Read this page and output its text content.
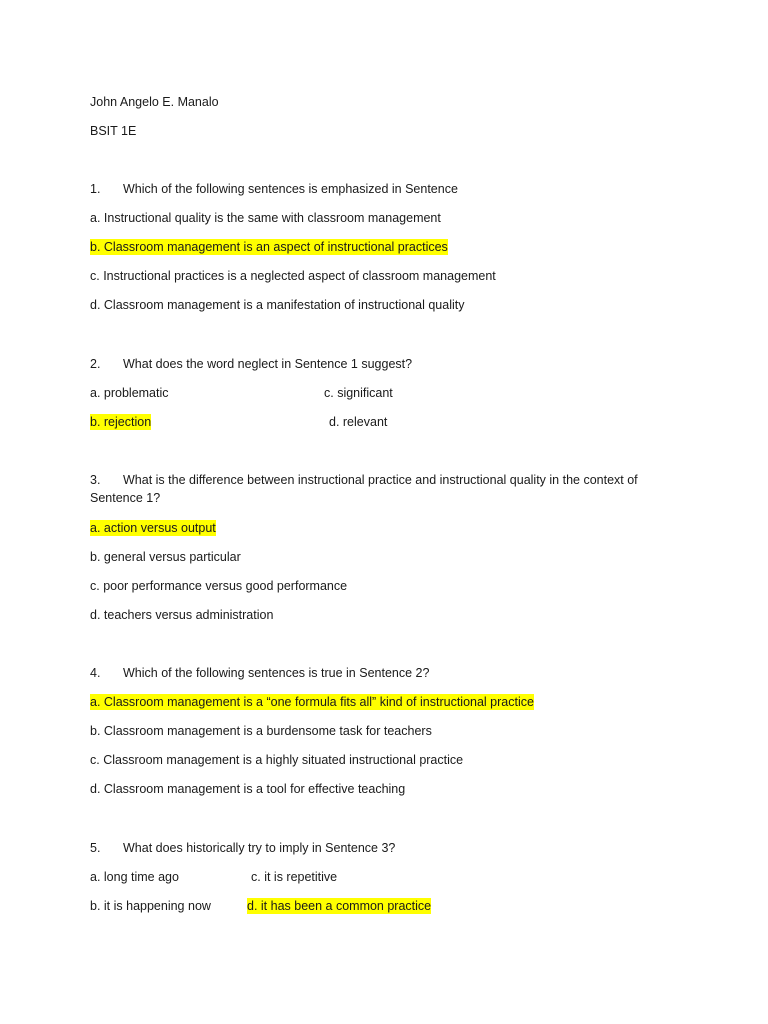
John Angelo E. Manalo
BSIT 1E
1. Which of the following sentences is emphasized in Sentence
a. Instructional quality is the same with classroom management
b. Classroom management is an aspect of instructional practices
c. Instructional practices is a neglected aspect of classroom management
d. Classroom management is a manifestation of instructional quality
2. What does the word neglect in Sentence 1 suggest?
a. problematic	c. significant
b. rejection	d. relevant
3. What is the difference between instructional practice and instructional quality in the context of
Sentence 1?
a. action versus output
b. general versus particular
c. poor performance versus good performance
d. teachers versus administration
4. Which of the following sentences is true in Sentence 2?
a. Classroom management is a “one formula fits all” kind of instructional practice
b. Classroom management is a burdensome task for teachers
c. Classroom management is a highly situated instructional practice
d. Classroom management is a tool for effective teaching
5. What does historically try to imply in Sentence 3?
a. long time ago	c. it is repetitive
b. it is happening now	d. it has been a common practice
